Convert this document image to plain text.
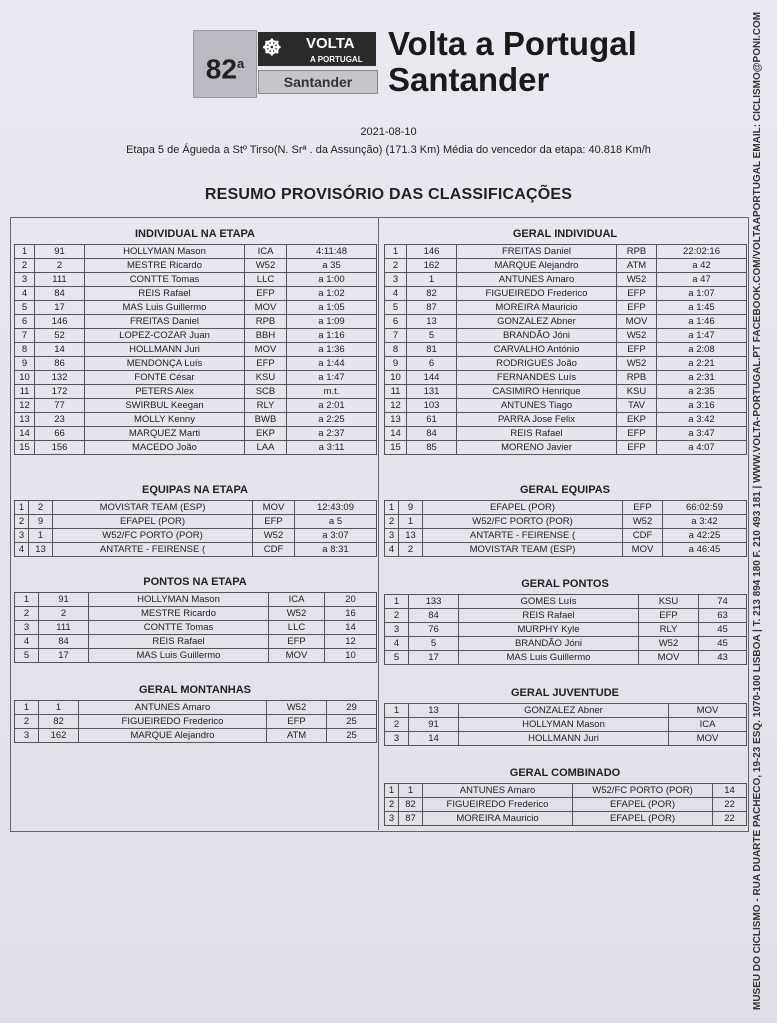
82$^a$
☸ VOLTA
A PORTUGAL
Santander
Volta a Portugal
Santander
2021-08-10
Etapa 5 de Águeda a Stº Tirso(N. Srª . da Assunção) (171.3 Km) Média do vencedor da etapa: 40.818 Km/h
RESUMO PROVISÓRIO DAS CLASSIFICAÇÕES
INDIVIDUAL NA ETAPA
1	91	HOLLYMAN Mason	ICA	4:11:48
2	2	MESTRE Ricardo	W52	a 35
3	111	CONTTE Tomas	LLC	a 1:00
4	84	REIS Rafael	EFP	a 1:02
5	17	MAS Luis Guillermo	MOV	a 1:05
6	146	FREITAS Daniel	RPB	a 1:09
7	52	LOPEZ-COZAR Juan	BBH	a 1:16
8	14	HOLLMANN Juri	MOV	a 1:36
9	86	MENDONÇA Luís	EFP	a 1:44
10	132	FONTE César	KSU	a 1:47
11	172	PETERS Alex	SCB	m.t.
12	77	SWIRBUL Keegan	RLY	a 2:01
13	23	MOLLY Kenny	BWB	a 2:25
14	66	MARQUEZ Marti	EKP	a 2:37
15	156	MACEDO João	LAA	a 3:11
GERAL INDIVIDUAL
1	146	FREITAS Daniel	RPB	22:02:16
2	162	MARQUE Alejandro	ATM	a 42
3	1	ANTUNES Amaro	W52	a 47
4	82	FIGUEIREDO Frederico	EFP	a 1:07
5	87	MOREIRA Mauricio	EFP	a 1:45
6	13	GONZALEZ Abner	MOV	a 1:46
7	5	BRANDÃO Jóni	W52	a 1:47
8	81	CARVALHO António	EFP	a 2:08
9	6	RODRIGUES João	W52	a 2:21
10	144	FERNANDES Luís	RPB	a 2:31
11	131	CASIMIRO Henrique	KSU	a 2:35
12	103	ANTUNES Tiago	TAV	a 3:16
13	61	PARRA Jose Felix	EKP	a 3:42
14	84	REIS Rafael	EFP	a 3:47
15	85	MORENO Javier	EFP	a 4:07
EQUIPAS NA ETAPA
1	2	MOVISTAR TEAM (ESP)	MOV	12:43:09
2	9	EFAPEL (POR)	EFP	a 5
3	1	W52/FC PORTO (POR)	W52	a 3:07
4	13	ANTARTE - FEIRENSE (	CDF	a 8:31
GERAL EQUIPAS
1	9	EFAPEL (POR)	EFP	66:02:59
2	1	W52/FC PORTO (POR)	W52	a 3:42
3	13	ANTARTE - FEIRENSE (	CDF	a 42:25
4	2	MOVISTAR TEAM (ESP)	MOV	a 46:45
PONTOS NA ETAPA
1	91	HOLLYMAN Mason	ICA	20
2	2	MESTRE Ricardo	W52	16
3	111	CONTTE Tomas	LLC	14
4	84	REIS Rafael	EFP	12
5	17	MAS Luis Guillermo	MOV	10
GERAL PONTOS
1	133	GOMES Luís	KSU	74
2	84	REIS Rafael	EFP	63
3	76	MURPHY Kyle	RLY	45
4	5	BRANDÃO Jóni	W52	45
5	17	MAS Luis Guillermo	MOV	43
GERAL MONTANHAS
1	1	ANTUNES Amaro	W52	29
2	82	FIGUEIREDO Frederico	EFP	25
3	162	MARQUE Alejandro	ATM	25
GERAL JUVENTUDE
1	13	GONZALEZ Abner	MOV
2	91	HOLLYMAN Mason	ICA
3	14	HOLLMANN Juri	MOV
GERAL COMBINADO
1	1	ANTUNES Amaro	W52/FC PORTO (POR)	14
2	82	FIGUEIREDO Frederico	EFAPEL (POR)	22
3	87	MOREIRA Mauricio	EFAPEL (POR)	22 MUSEU DO CICLISMO - RUA DUARTE PACHECO, 19-23 ESQ. 1070-100 LISBOA | T. 213 894 180 F. 210 493 181 | WWW.VOLTA-PORTUGAL.PT FACEBOOK.COM/VOLTAAPORTUGAL EMAIL: CICLISMO@PONI.COM
